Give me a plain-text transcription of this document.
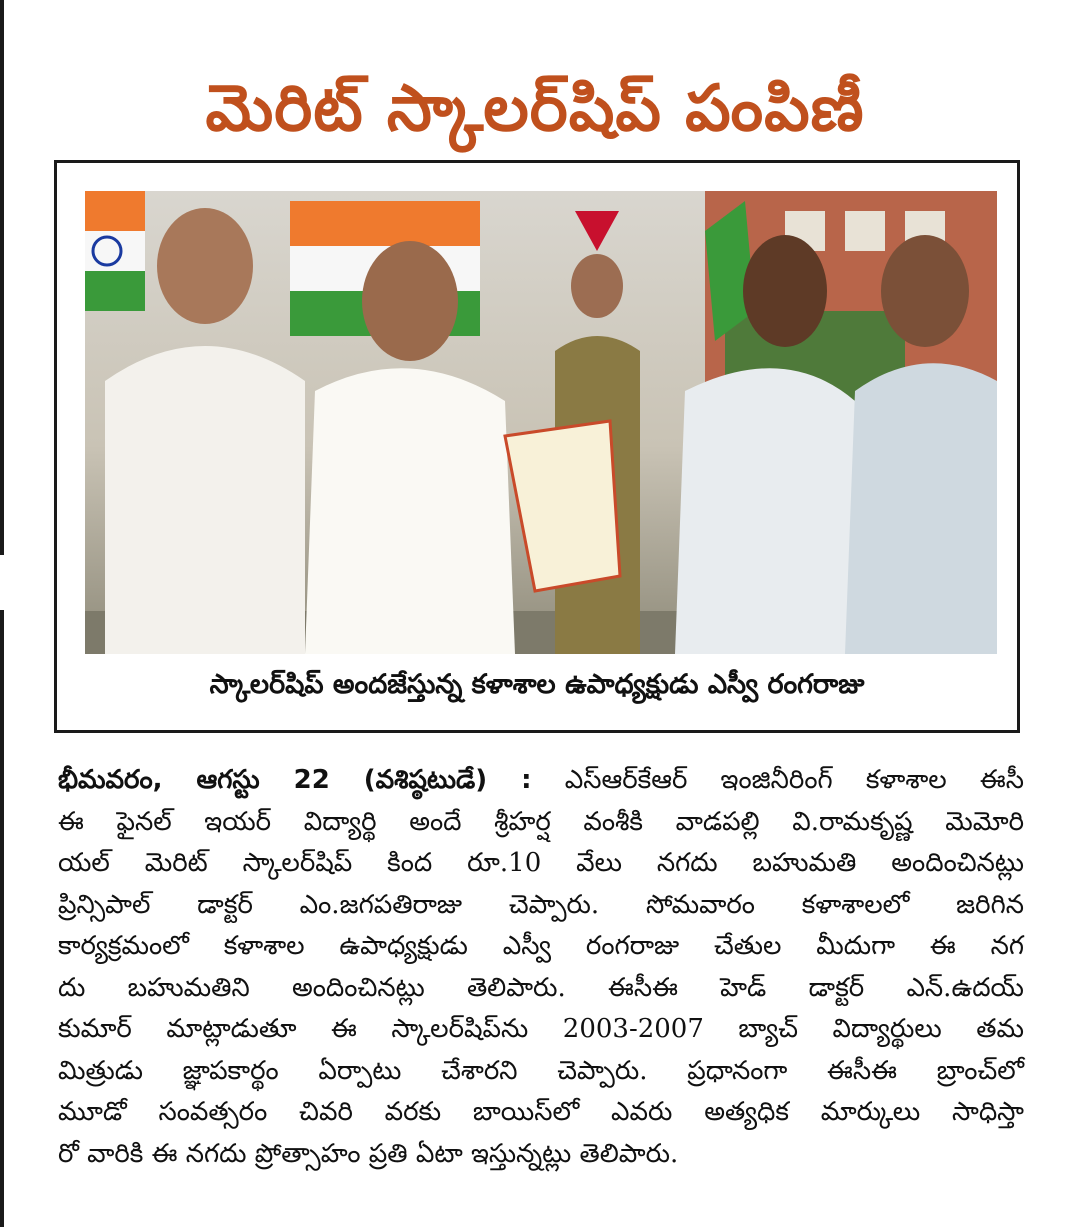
మెరిట్ స్కాలర్‌షిప్ పంపిణీ
స్కాలర్‌షిప్ అందజేస్తున్న కళాశాల ఉపాధ్యక్షుడు ఎస్వీ రంగరాజు
భీమవరం, ఆగస్టు 22 (వశిష్ఠటుడే) : ఎస్ఆర్‌కేఆర్ ఇంజినీరింగ్ కళాశాల ఈసీ
ఈ ఫైనల్ ఇయర్ విద్యార్థి అందే శ్రీహర్ష వంశీకి వాడపల్లి వి.రామకృష్ణ మెమోరి
యల్ మెరిట్ స్కాలర్‌షిప్ కింద రూ.10 వేలు నగదు బహుమతి అందించినట్లు
ప్రిన్సిపాల్ డాక్టర్ ఎం.జగపతిరాజు చెప్పారు. సోమవారం కళాశాలలో జరిగిన
కార్యక్రమంలో కళాశాల ఉపాధ్యక్షుడు ఎస్వీ రంగరాజు చేతుల మీదుగా ఈ నగ
దు బహుమతిని అందించినట్లు తెలిపారు. ఈసీఈ హెడ్ డాక్టర్ ఎన్.ఉదయ్
కుమార్ మాట్లాడుతూ ఈ స్కాలర్‌షిప్‌ను 2003-2007 బ్యాచ్ విద్యార్థులు తమ
మిత్రుడు జ్ఞాపకార్థం ఏర్పాటు చేశారని చెప్పారు. ప్రధానంగా ఈసీఈ బ్రాంచ్‌లో
మూడో సంవత్సరం చివరి వరకు బాయిస్‌లో ఎవరు అత్యధిక మార్కులు సాధిస్తా
రో వారికి ఈ నగదు ప్రోత్సాహం ప్రతి ఏటా ఇస్తున్నట్లు తెలిపారు.
